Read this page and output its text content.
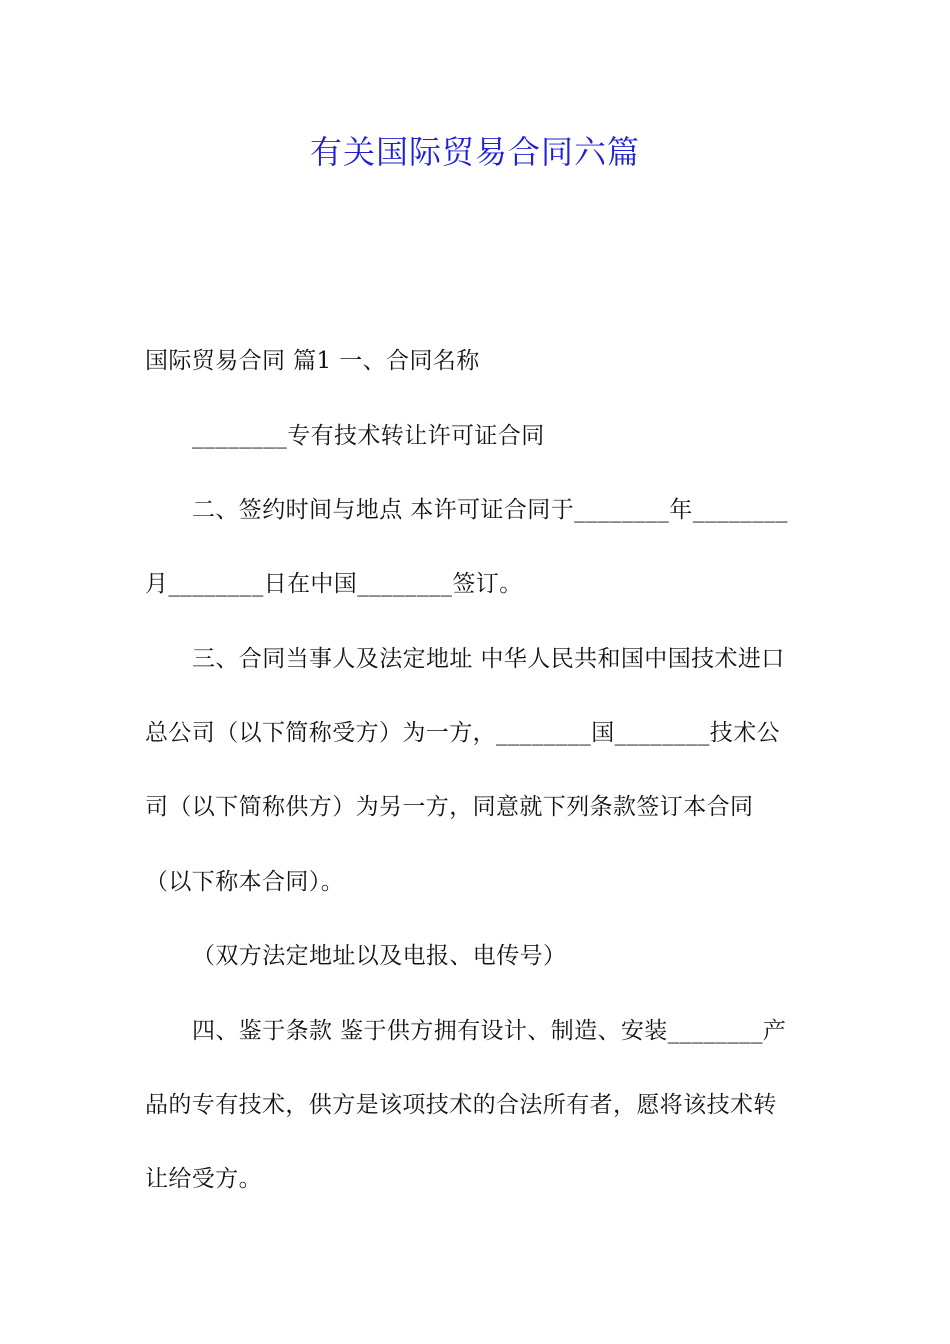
有关国际贸易合同六篇
国际贸易合同 篇1 一、合同名称
________专有技术转让许可证合同
二、签约时间与地点 本许可证合同于________年________
月________日在中国________签订。
三、合同当事人及法定地址 中华人民共和国中国技术进口
总公司（以下简称受方）为一方，________国________技术公
司（以下简称供方）为另一方，同意就下列条款签订本合同
（以下称本合同）。
（双方法定地址以及电报、电传号）
四、鉴于条款 鉴于供方拥有设计、制造、安装________产
品的专有技术，供方是该项技术的合法所有者，愿将该技术转
让给受方。
